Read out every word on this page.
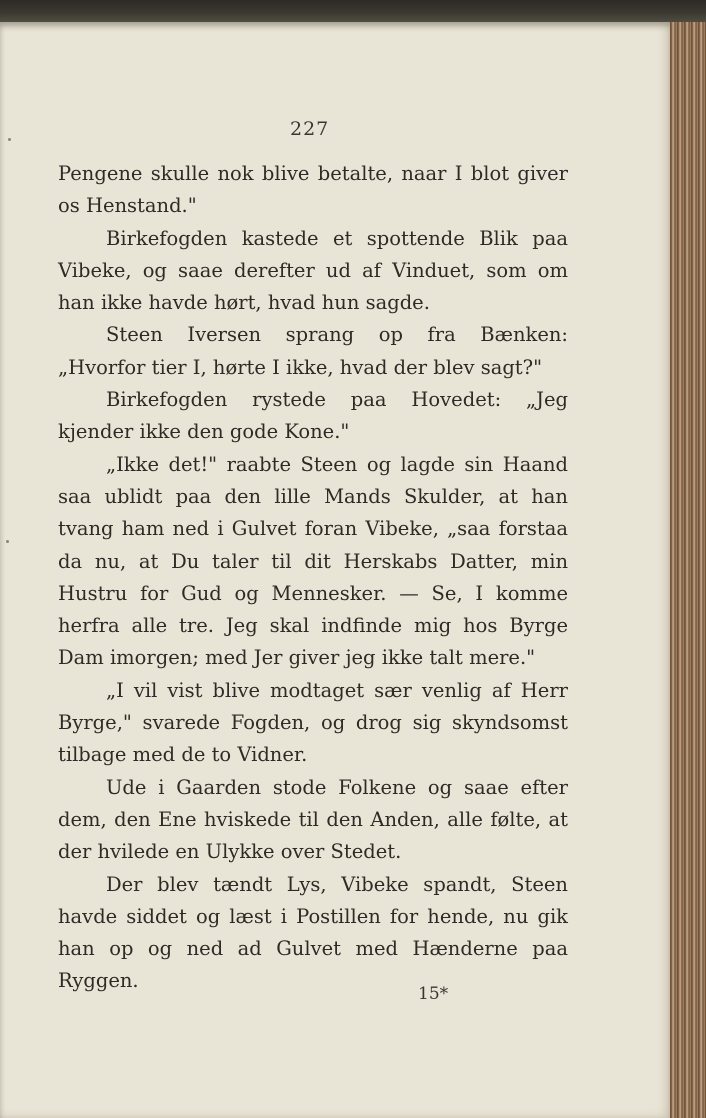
227

Pengene skulle nok blive betalte, naar I blot giver os Henstand."

Birkefogden kastede et spottende Blik paa Vibeke, og saae derefter ud af Vinduet, som om han ikke havde hørt, hvad hun sagde.

Steen Iversen sprang op fra Bænken: „Hvorfor tier I, hørte I ikke, hvad der blev sagt?"

Birkefogden rystede paa Hovedet: „Jeg kjender ikke den gode Kone."

„Ikke det!" raabte Steen og lagde sin Haand saa ublidt paa den lille Mands Skulder, at han tvang ham ned i Gulvet foran Vibeke, „saa forstaa da nu, at Du taler til dit Herskabs Datter, min Hustru for Gud og Mennesker. — Se, I komme herfra alle tre. Jeg skal indfinde mig hos Byrge Dam imorgen; med Jer giver jeg ikke talt mere."

„I vil vist blive modtaget sær venlig af Herr Byrge," svarede Fogden, og drog sig skyndsomst tilbage med de to Vidner.

Ude i Gaarden stode Folkene og saae efter dem, den Ene hviskede til den Anden, alle følte, at der hvilede en Ulykke over Stedet.

Der blev tændt Lys, Vibeke spandt, Steen havde siddet og læst i Postillen for hende, nu gik han op og ned ad Gulvet med Hænderne paa Ryggen.

15*
